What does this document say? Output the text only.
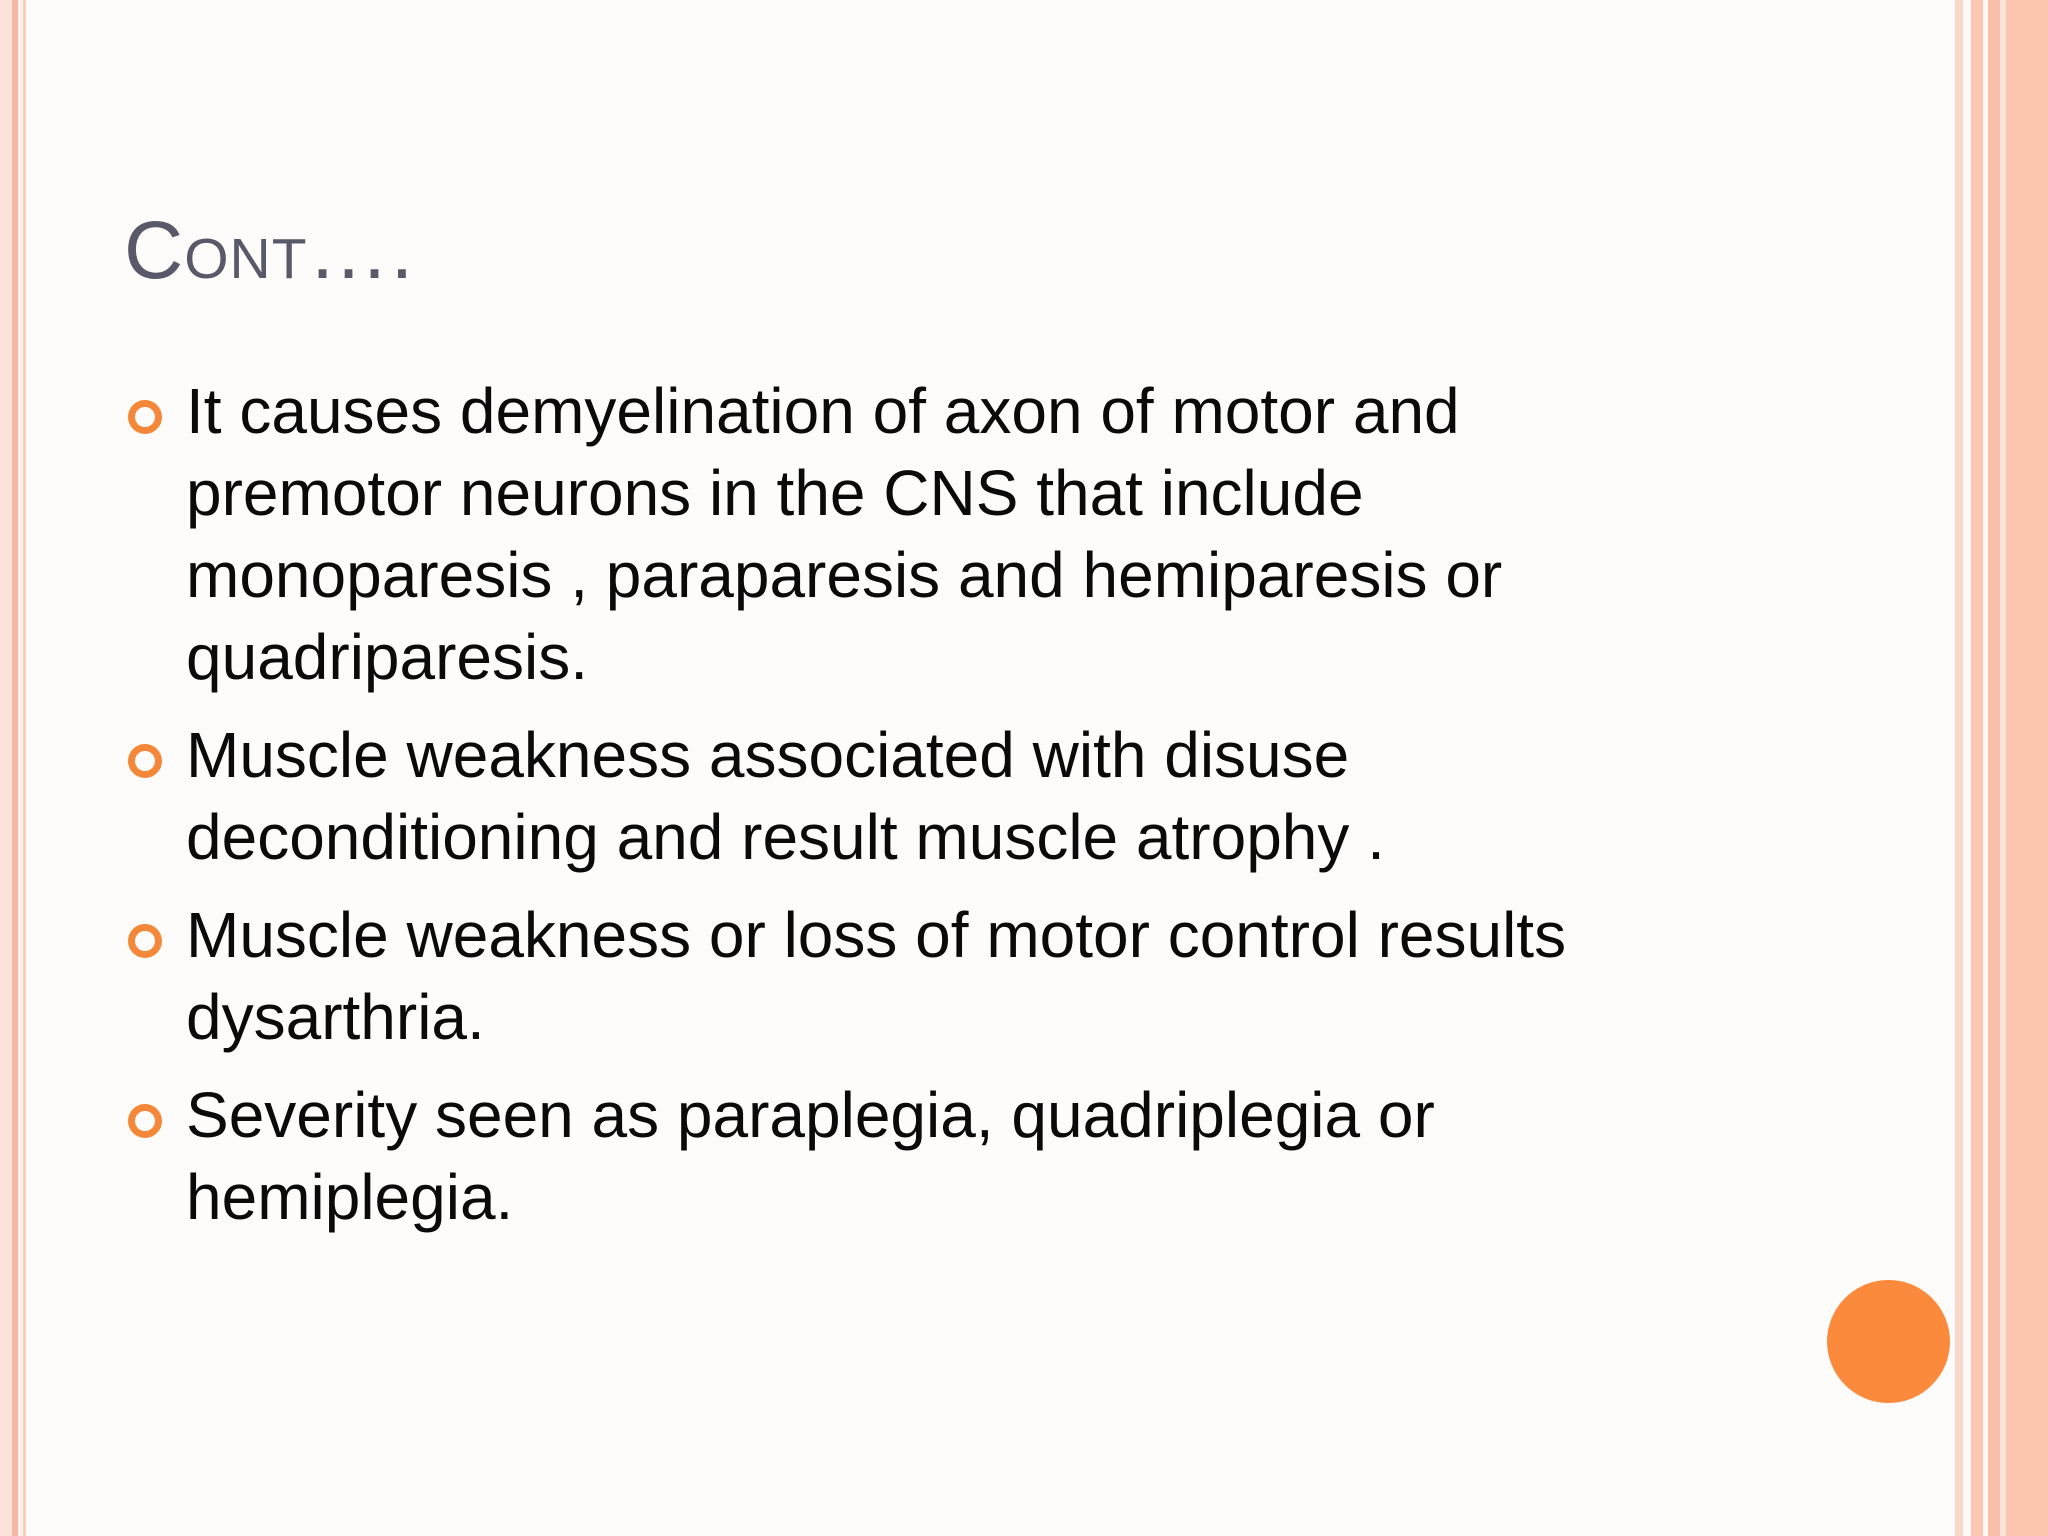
Cont….
It causes demyelination of axon of motor and premotor neurons in the CNS that include monoparesis , paraparesis and hemiparesis or quadriparesis.
Muscle weakness associated with disuse deconditioning and result muscle atrophy .
Muscle weakness or loss of motor control results dysarthria.
Severity seen as paraplegia, quadriplegia or hemiplegia.
